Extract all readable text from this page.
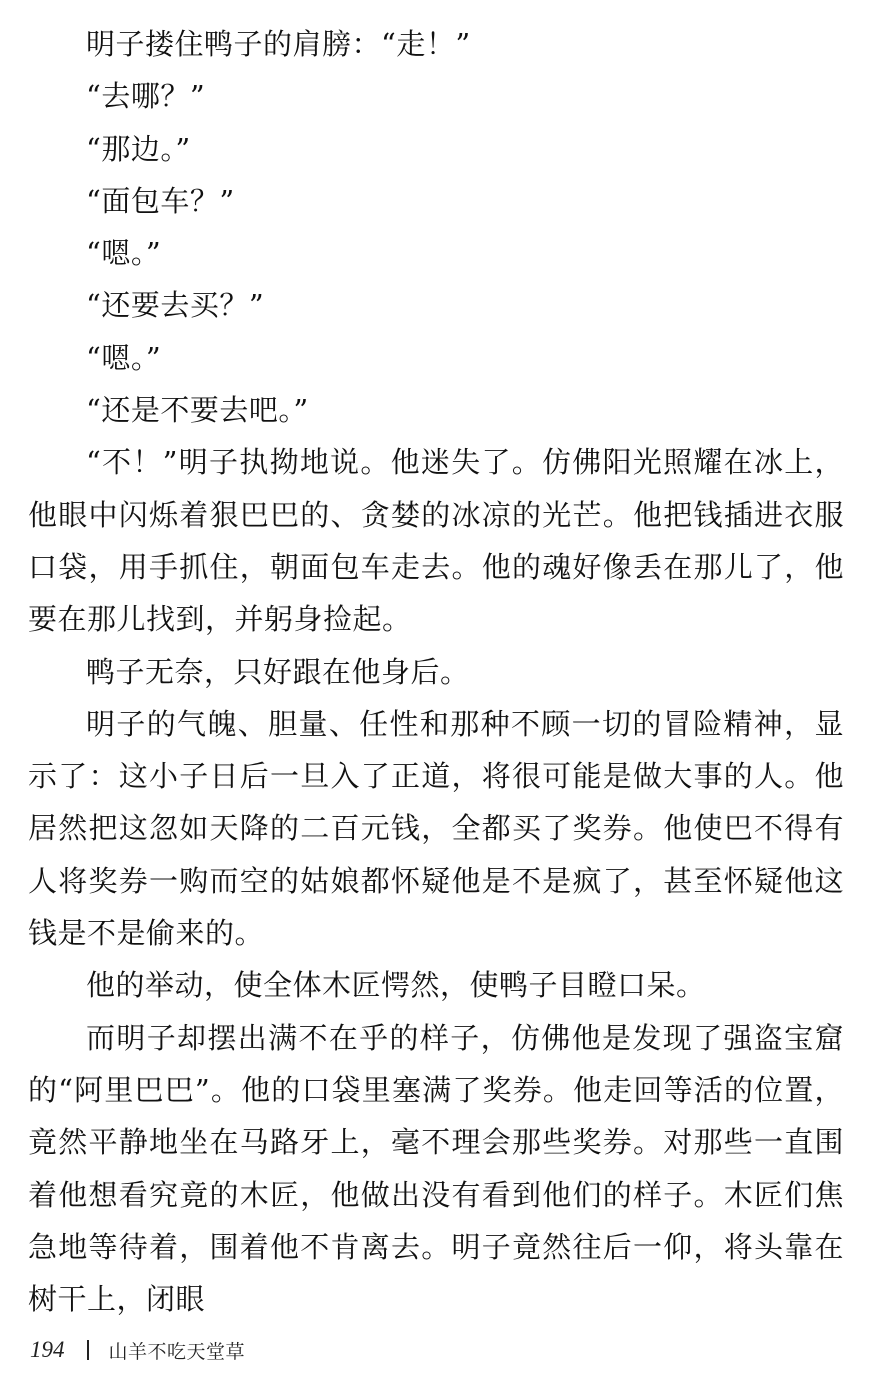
明子搂住鸭子的肩膀：“走！”

“去哪？”

“那边。”

“面包车？”

“嗯。”

“还要去买？”

“嗯。”

“还是不要去吧。”

“不！”明子执拗地说。他迷失了。仿佛阳光照耀在冰上，他眼中闪烁着狠巴巴的、贪婪的冰凉的光芒。他把钱插进衣服口袋，用手抓住，朝面包车走去。他的魂好像丢在那儿了，他要在那儿找到，并躬身捡起。

鸭子无奈，只好跟在他身后。

明子的气魄、胆量、任性和那种不顾一切的冒险精神，显示了：这小子日后一旦入了正道，将很可能是做大事的人。他居然把这忽如天降的二百元钱，全都买了奖券。他使巴不得有人将奖券一购而空的姑娘都怀疑他是不是疯了，甚至怀疑他这钱是不是偷来的。

他的举动，使全体木匠愕然，使鸭子目瞪口呆。

而明子却摆出满不在乎的样子，仿佛他是发现了强盗宝窟的“阿里巴巴”。他的口袋里塞满了奖券。他走回等活的位置，竟然平静地坐在马路牙上，毫不理会那些奖券。对那些一直围着他想看究竟的木匠，他做出没有看到他们的样子。木匠们焦急地等待着，围着他不肯离去。明子竟然往后一仰，将头靠在树干上，闭眼

194 山羊不吃天堂草
